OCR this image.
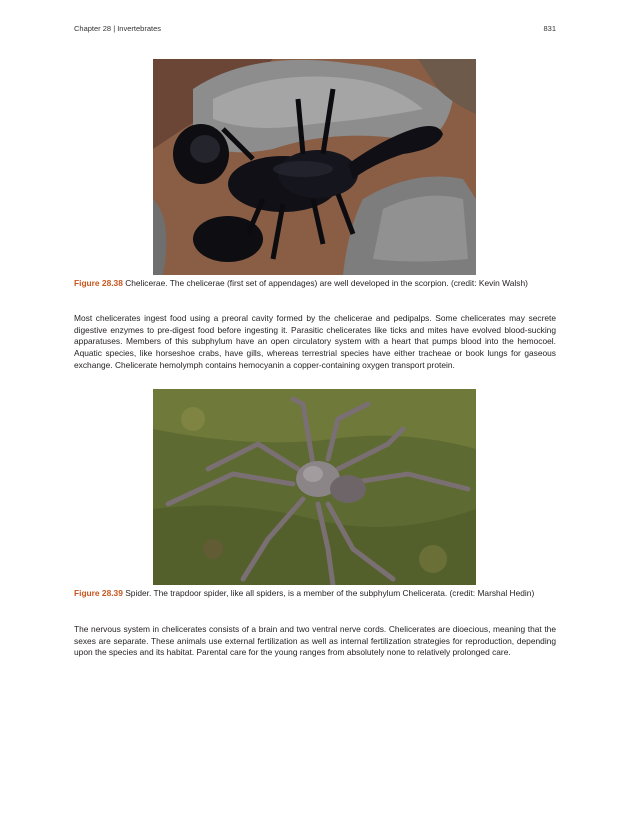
Chapter 28 | Invertebrates	831
Figure 28.38 Chelicerae. The chelicerae (first set of appendages) are well developed in the scorpion. (credit: Kevin Walsh)
Most chelicerates ingest food using a preoral cavity formed by the chelicerae and pedipalps. Some chelicerates may secrete digestive enzymes to pre-digest food before ingesting it. Parasitic chelicerates like ticks and mites have evolved blood-sucking apparatuses. Members of this subphylum have an open circulatory system with a heart that pumps blood into the hemocoel. Aquatic species, like horseshoe crabs, have gills, whereas terrestrial species have either tracheae or book lungs for gaseous exchange. Chelicerate hemolymph contains hemocyanin a copper-containing oxygen transport protein.
Figure 28.39 Spider. The trapdoor spider, like all spiders, is a member of the subphylum Chelicerata. (credit: Marshal Hedin)
The nervous system in chelicerates consists of a brain and two ventral nerve cords. Chelicerates are dioecious, meaning that the sexes are separate. These animals use external fertilization as well as internal fertilization strategies for reproduction, depending upon the species and its habitat. Parental care for the young ranges from absolutely none to relatively prolonged care.
